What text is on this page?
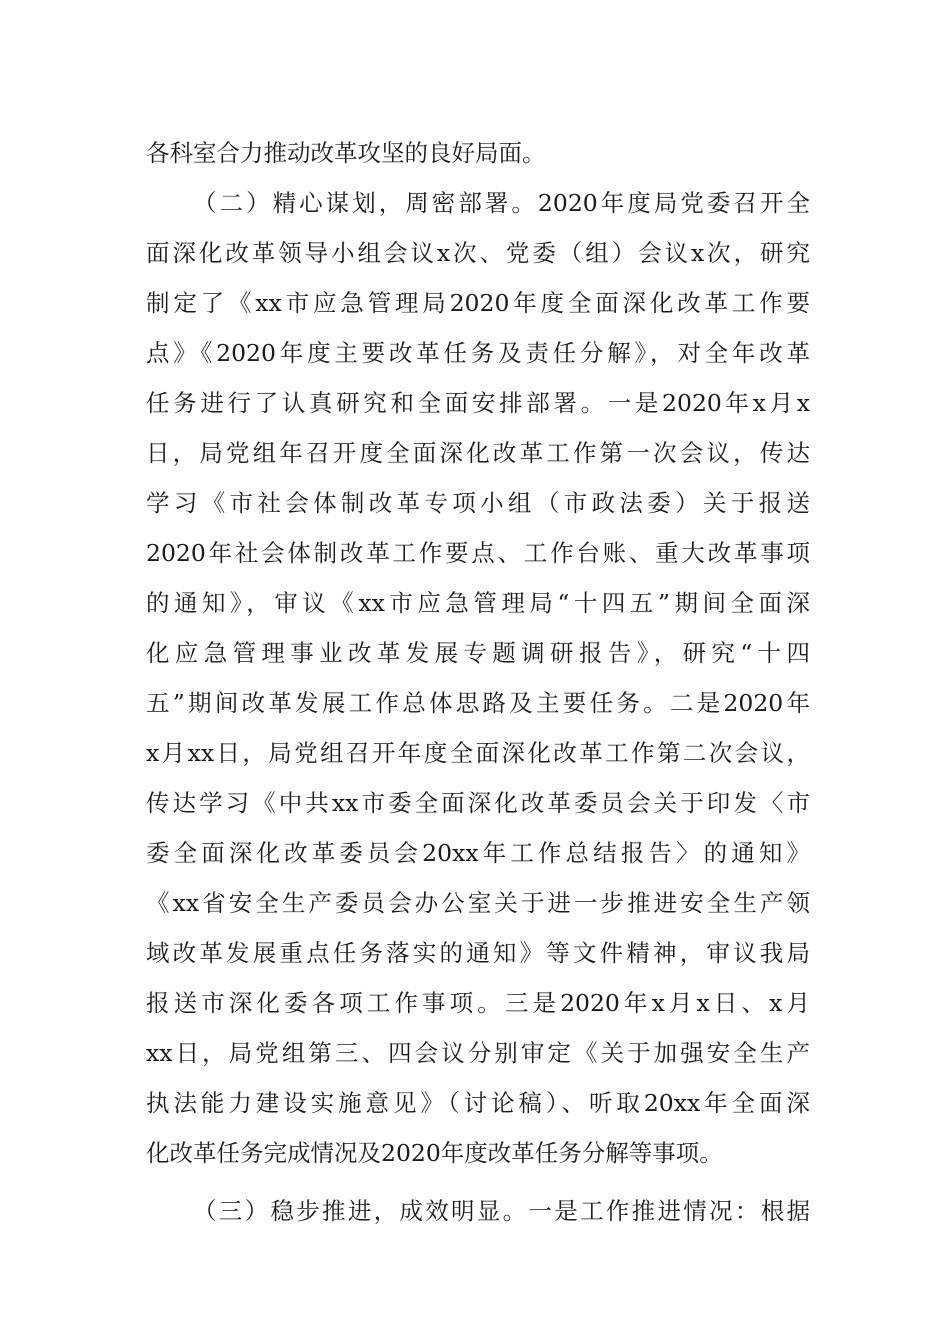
各科室合力推动改革攻坚的良好局面。
（二）精心谋划，周密部署。2020年度局党委召开全
面深化改革领导小组会议x次、党委（组）会议x次，研究
制定了《xx市应急管理局2020年度全面深化改革工作要
点》《2020年度主要改革任务及责任分解》，对全年改革
任务进行了认真研究和全面安排部署。一是2020年x月x
日，局党组年召开度全面深化改革工作第一次会议，传达
学习《市社会体制改革专项小组（市政法委）关于报送
2020年社会体制改革工作要点、工作台账、重大改革事项
的通知》，审议《xx市应急管理局“十四五”期间全面深
化应急管理事业改革发展专题调研报告》，研究“十四
五”期间改革发展工作总体思路及主要任务。二是2020年
x月xx日，局党组召开年度全面深化改革工作第二次会议，
传达学习《中共xx市委全面深化改革委员会关于印发〈市
委全面深化改革委员会20xx年工作总结报告〉的通知》
《xx省安全生产委员会办公室关于进一步推进安全生产领
域改革发展重点任务落实的通知》等文件精神，审议我局
报送市深化委各项工作事项。三是2020年x月x日、x月
xx日，局党组第三、四会议分别审定《关于加强安全生产
执法能力建设实施意见》（讨论稿）、听取20xx年全面深
化改革任务完成情况及2020年度改革任务分解等事项。
（三）稳步推进，成效明显。一是工作推进情况：根据
